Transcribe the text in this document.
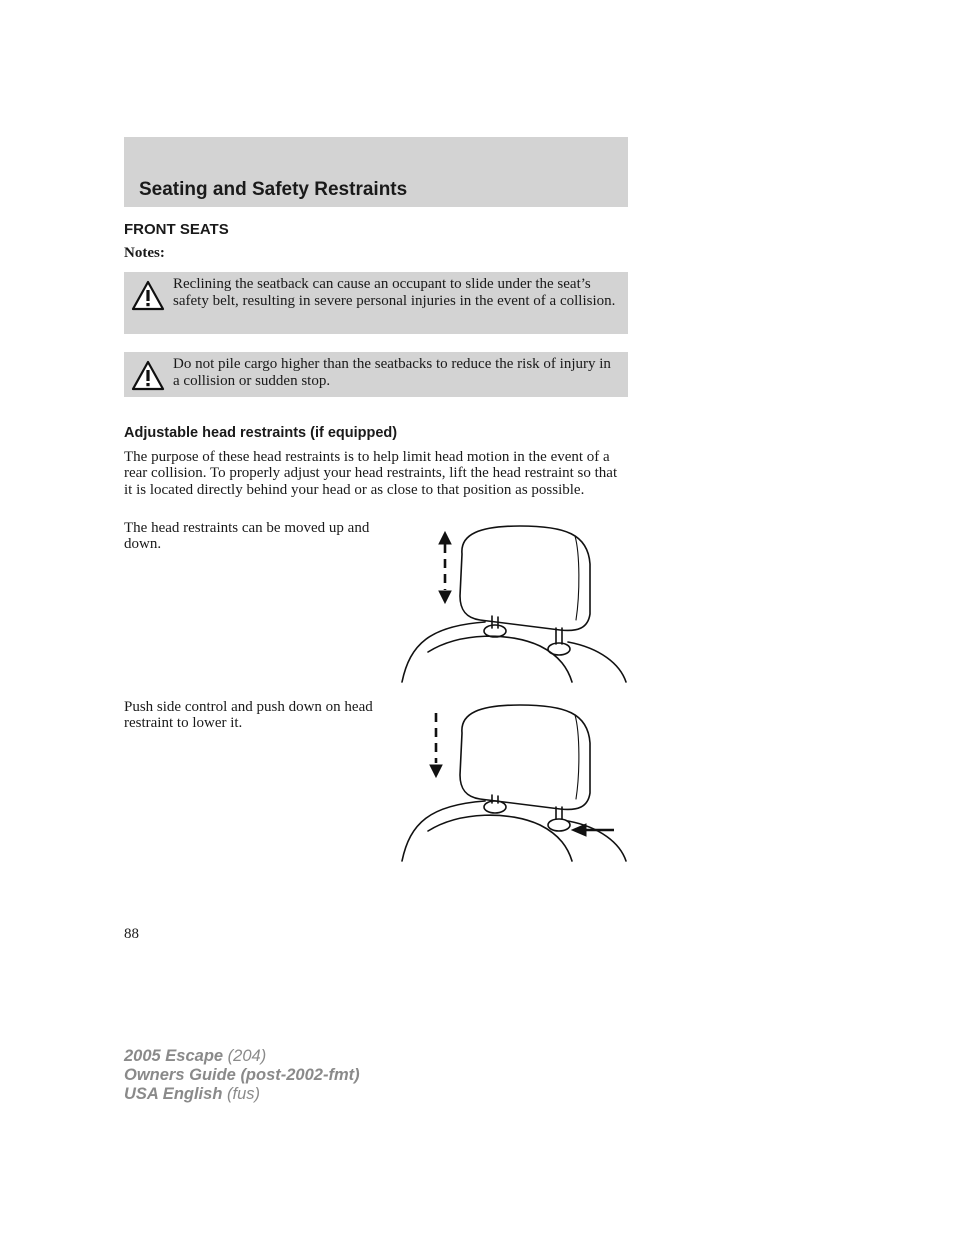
Seating and Safety Restraints
FRONT SEATS

Notes:

Reclining the seatback can cause an occupant to slide under the seat’s safety belt, resulting in severe personal injuries in the event of a collision.

Do not pile cargo higher than the seatbacks to reduce the risk of injury in a collision or sudden stop.

Adjustable head restraints (if equipped)

The purpose of these head restraints is to help limit head motion in the event of a rear collision. To properly adjust your head restraints, lift the head restraint so that it is located directly behind your head or as close to that position as possible.

The head restraints can be moved up and down.

Push side control and push down on head restraint to lower it.

88

2005 Escape (204)
Owners Guide (post-2002-fmt)
USA English (fus)
